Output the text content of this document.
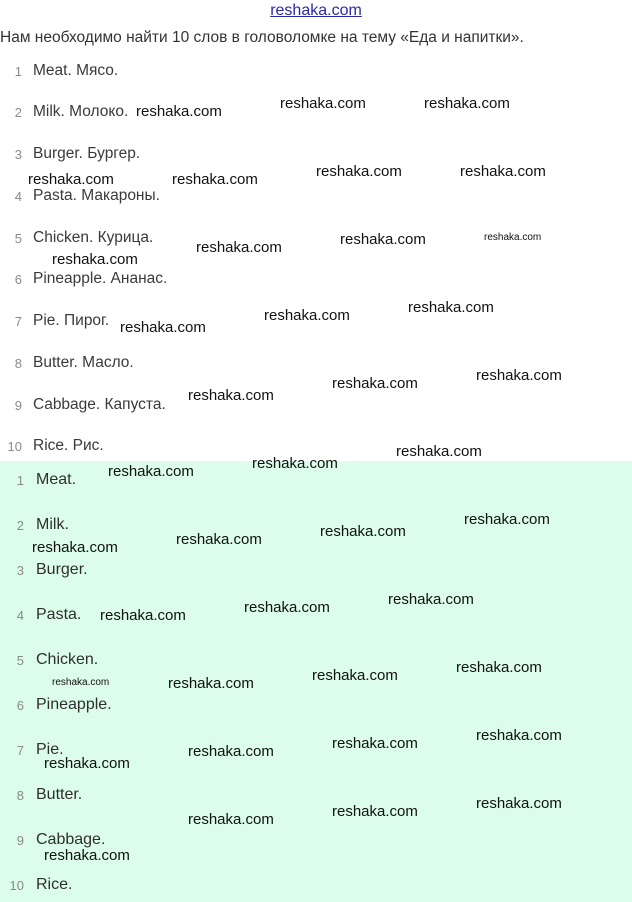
reshaka.com

Нам необходимо найти 10 слов в головоломке на тему «Еда и напитки».

1 Meat. Мясо.
2 Milk. Молоко.
3 Burger. Бургер.
4 Pasta. Макароны.
5 Chicken. Курица.
6 Pineapple. Ананас.
7 Pie. Пирог.
8 Butter. Масло.
9 Cabbage. Капуста.
10 Rice. Рис.
1 Meat.
2 Milk.
3 Burger.
4 Pasta.
5 Chicken.
6 Pineapple.
7 Pie.
8 Butter.
9 Cabbage.
10 Rice.
reshaka.com	reshaka.com	reshaka.com
reshaka.com	reshaka.com	reshaka.com	reshaka.com
reshaka.com	reshaka.com	reshaka.com
reshaka.com
reshaka.com
reshaka.com	reshaka.com
reshaka.com
reshaka.com	reshaka.com
reshaka.com
reshaka.com	reshaka.com
reshaka.com
reshaka.com
reshaka.com
reshaka.com
reshaka.com	reshaka.com	reshaka.com
reshaka.com
reshaka.com
reshaka.com
reshaka.com
reshaka.com
reshaka.com
reshaka.com
reshaka.com
reshaka.com
reshaka.com
reshaka.com
reshaka.com
